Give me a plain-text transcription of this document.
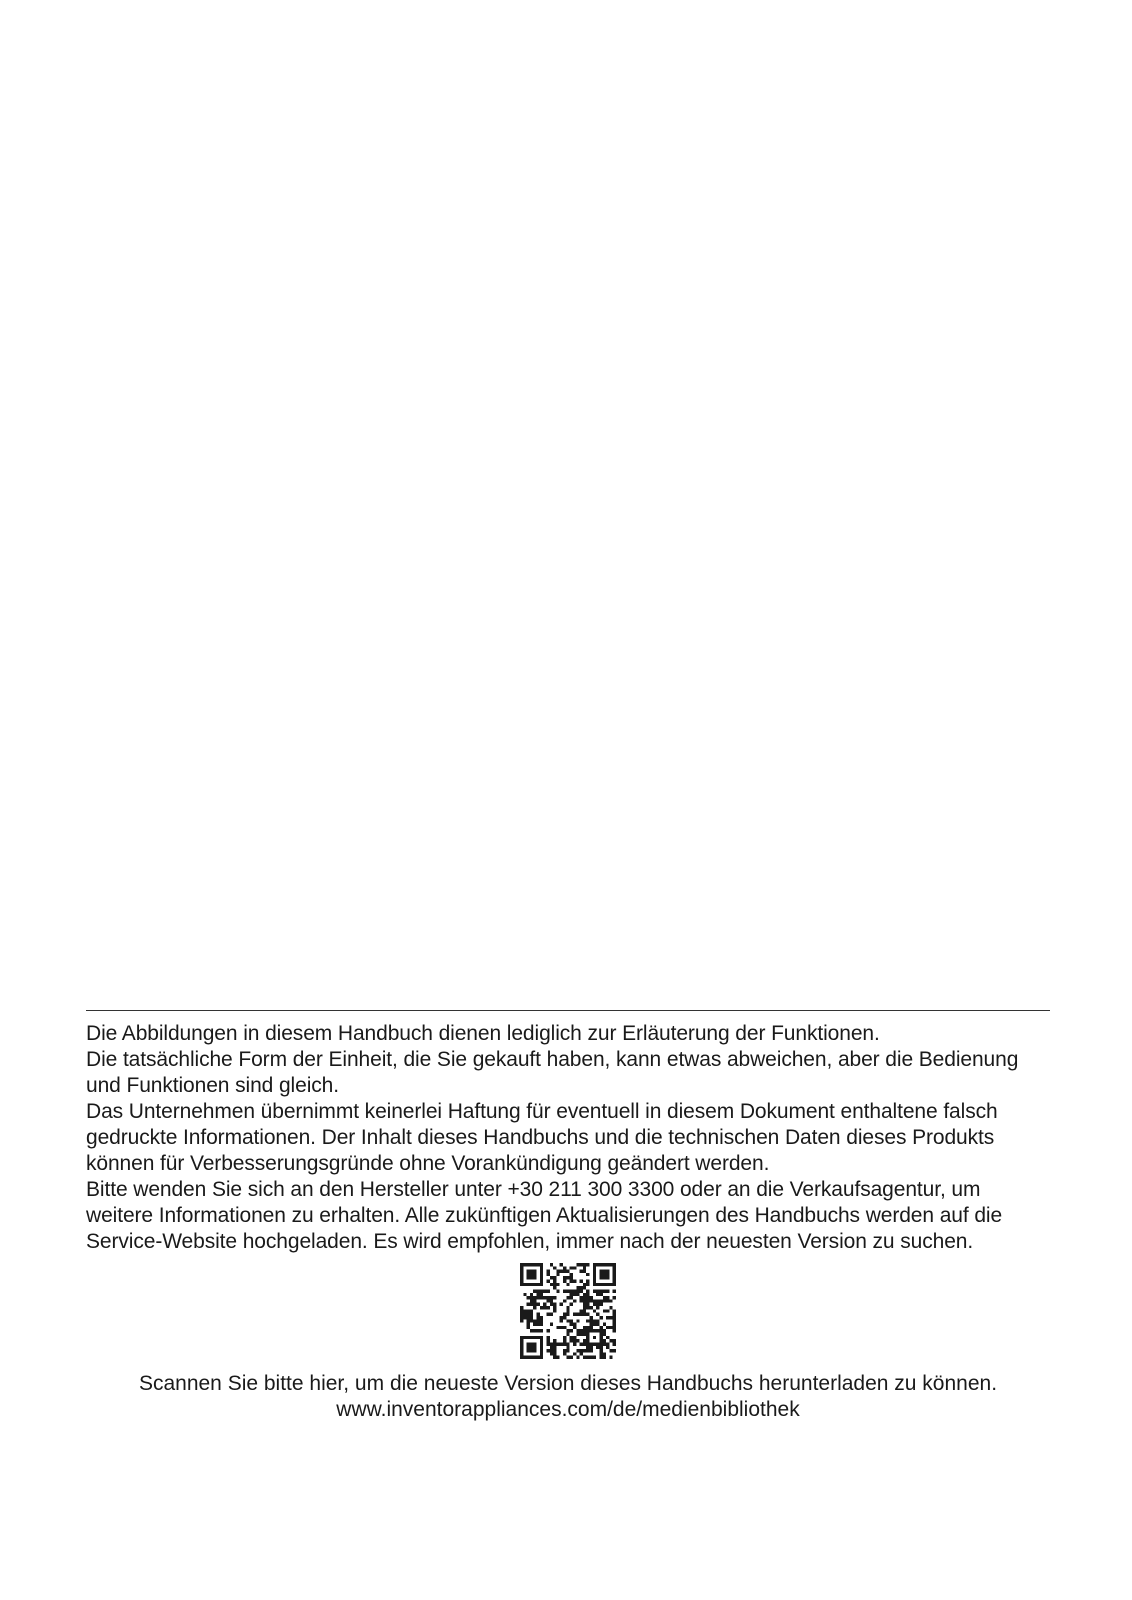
Die Abbildungen in diesem Handbuch dienen lediglich zur Erläuterung der Funktionen.

Die tatsächliche Form der Einheit, die Sie gekauft haben, kann etwas abweichen, aber die Bedienung und Funktionen sind gleich.

Das Unternehmen übernimmt keinerlei Haftung für eventuell in diesem Dokument enthaltene falsch gedruckte Informationen. Der Inhalt dieses Handbuchs und die technischen Daten dieses Produkts können für Verbesserungsgründe ohne Vorankündigung geändert werden.

Bitte wenden Sie sich an den Hersteller unter +30 211 300 3300 oder an die Verkaufsagentur, um weitere Informationen zu erhalten. Alle zukünftigen Aktualisierungen des Handbuchs werden auf die Service-Website hochgeladen. Es wird empfohlen, immer nach der neuesten Version zu suchen.

Scannen Sie bitte hier, um die neueste Version dieses Handbuchs herunterladen zu können.
www.inventorappliances.com/de/medienbibliothek
